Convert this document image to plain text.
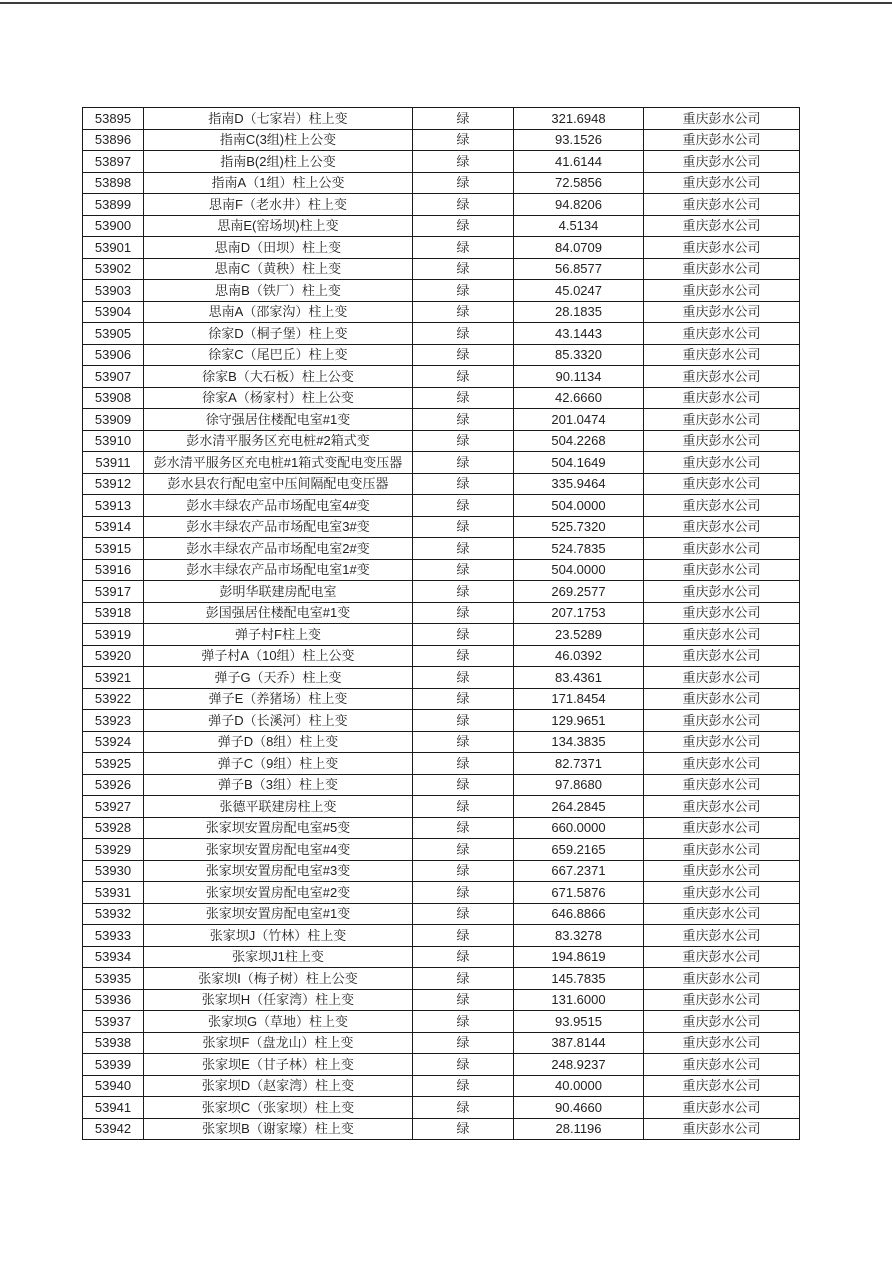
53895	指南D（七家岩）柱上变	绿	321.6948	重庆彭水公司
53896	指南C(3组)柱上公变	绿	93.1526	重庆彭水公司
53897	指南B(2组)柱上公变	绿	41.6144	重庆彭水公司
53898	指南A（1组）柱上公变	绿	72.5856	重庆彭水公司
53899	思南F（老水井）柱上变	绿	94.8206	重庆彭水公司
53900	思南E(窑场坝)柱上变	绿	4.5134	重庆彭水公司
53901	思南D（田坝）柱上变	绿	84.0709	重庆彭水公司
53902	思南C（黄秧）柱上变	绿	56.8577	重庆彭水公司
53903	思南B（铁厂）柱上变	绿	45.0247	重庆彭水公司
53904	思南A（邵家沟）柱上变	绿	28.1835	重庆彭水公司
53905	徐家D（桐子堡）柱上变	绿	43.1443	重庆彭水公司
53906	徐家C（尾巴丘）柱上变	绿	85.3320	重庆彭水公司
53907	徐家B（大石板）柱上公变	绿	90.1134	重庆彭水公司
53908	徐家A（杨家村）柱上公变	绿	42.6660	重庆彭水公司
53909	徐守强居住楼配电室#1变	绿	201.0474	重庆彭水公司
53910	彭水清平服务区充电桩#2箱式变	绿	504.2268	重庆彭水公司
53911	彭水清平服务区充电桩#1箱式变配电变压器	绿	504.1649	重庆彭水公司
53912	彭水县农行配电室中压间隔配电变压器	绿	335.9464	重庆彭水公司
53913	彭水丰绿农产品市场配电室4#变	绿	504.0000	重庆彭水公司
53914	彭水丰绿农产品市场配电室3#变	绿	525.7320	重庆彭水公司
53915	彭水丰绿农产品市场配电室2#变	绿	524.7835	重庆彭水公司
53916	彭水丰绿农产品市场配电室1#变	绿	504.0000	重庆彭水公司
53917	彭明华联建房配电室	绿	269.2577	重庆彭水公司
53918	彭国强居住楼配电室#1变	绿	207.1753	重庆彭水公司
53919	弹子村F柱上变	绿	23.5289	重庆彭水公司
53920	弹子村A（10组）柱上公变	绿	46.0392	重庆彭水公司
53921	弹子G（天乔）柱上变	绿	83.4361	重庆彭水公司
53922	弹子E（养猪场）柱上变	绿	171.8454	重庆彭水公司
53923	弹子D（长溪河）柱上变	绿	129.9651	重庆彭水公司
53924	弹子D（8组）柱上变	绿	134.3835	重庆彭水公司
53925	弹子C（9组）柱上变	绿	82.7371	重庆彭水公司
53926	弹子B（3组）柱上变	绿	97.8680	重庆彭水公司
53927	张德平联建房柱上变	绿	264.2845	重庆彭水公司
53928	张家坝安置房配电室#5变	绿	660.0000	重庆彭水公司
53929	张家坝安置房配电室#4变	绿	659.2165	重庆彭水公司
53930	张家坝安置房配电室#3变	绿	667.2371	重庆彭水公司
53931	张家坝安置房配电室#2变	绿	671.5876	重庆彭水公司
53932	张家坝安置房配电室#1变	绿	646.8866	重庆彭水公司
53933	张家坝J（竹林）柱上变	绿	83.3278	重庆彭水公司
53934	张家坝J1柱上变	绿	194.8619	重庆彭水公司
53935	张家坝I（梅子树）柱上公变	绿	145.7835	重庆彭水公司
53936	张家坝H（任家湾）柱上变	绿	131.6000	重庆彭水公司
53937	张家坝G（草地）柱上变	绿	93.9515	重庆彭水公司
53938	张家坝F（盘龙山）柱上变	绿	387.8144	重庆彭水公司
53939	张家坝E（甘子林）柱上变	绿	248.9237	重庆彭水公司
53940	张家坝D（赵家湾）柱上变	绿	40.0000	重庆彭水公司
53941	张家坝C（张家坝）柱上变	绿	90.4660	重庆彭水公司
53942	张家坝B（谢家壕）柱上变	绿	28.1196	重庆彭水公司
